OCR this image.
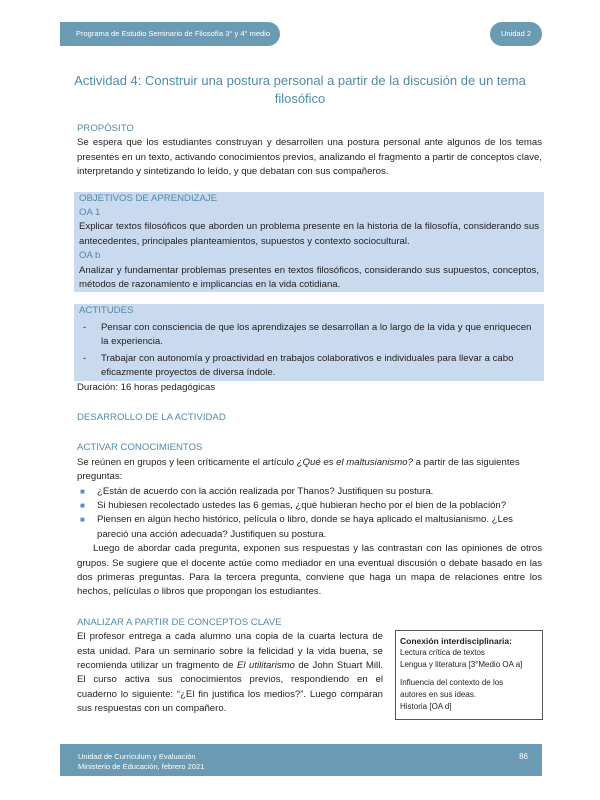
Programa de Estudio Seminario de Filosofía 3° y 4° medio	Unidad 2
Actividad 4: Construir una postura personal a partir de la discusión de un tema filosófico
PROPÓSITO
Se espera que los estudiantes construyan y desarrollen una postura personal ante algunos de los temas presentes en un texto, activando conocimientos previos, analizando el fragmento a partir de conceptos clave, interpretando y sintetizando lo leído, y que debatan con sus compañeros.
OBJETIVOS DE APRENDIZAJE
OA 1
Explicar textos filosóficos que aborden un problema presente en la historia de la filosofía, considerando sus antecedentes, principales planteamientos, supuestos y contexto sociocultural.
OA b
Analizar y fundamentar problemas presentes en textos filosóficos, considerando sus supuestos, conceptos, métodos de razonamiento e implicancias en la vida cotidiana.
ACTITUDES
- Pensar con consciencia de que los aprendizajes se desarrollan a lo largo de la vida y que enriquecen la experiencia.
- Trabajar con autonomía y proactividad en trabajos colaborativos e individuales para llevar a cabo eficazmente proyectos de diversa índole.
Duración: 16 horas pedagógicas
DESARROLLO DE LA ACTIVIDAD
ACTIVAR CONOCIMIENTOS
Se reúnen en grupos y leen críticamente el artículo ¿Qué es el maltusianismo? a partir de las siguientes preguntas:
■ ¿Están de acuerdo con la acción realizada por Thanos? Justifiquen su postura.
■ Si hubiesen recolectado ustedes las 6 gemas, ¿qué hubieran hecho por el bien de la población?
■ Piensen en algún hecho histórico, película o libro, donde se haya aplicado el maltusianismo. ¿Les pareció una acción adecuada? Justifiquen su postura.
Luego de abordar cada pregunta, exponen sus respuestas y las contrastan con las opiniones de otros grupos. Se sugiere que el docente actúe como mediador en una eventual discusión o debate basado en las dos primeras preguntas. Para la tercera pregunta, conviene que haga un mapa de relaciones entre los hechos, películas o libros que propongan los estudiantes.
ANALIZAR A PARTIR DE CONCEPTOS CLAVE
El profesor entrega a cada alumno una copia de la cuarta lectura de esta unidad. Para un seminario sobre la felicidad y la vida buena, se recomienda utilizar un fragmento de El utilitarismo de John Stuart Mill. El curso activa sus conocimientos previos, respondiendo en el cuaderno lo siguiente: “¿El fin justifica los medios?”. Luego comparan sus respuestas con un compañero.
Conexión interdisciplinaria:
Lectura crítica de textos
Lengua y literatura [3°Medio OA a]
Influencia del contexto de los
autores en sus ideas.
Historia [OA d]
Unidad de Currículum y Evaluación
Ministerio de Educación, febrero 2021
86
